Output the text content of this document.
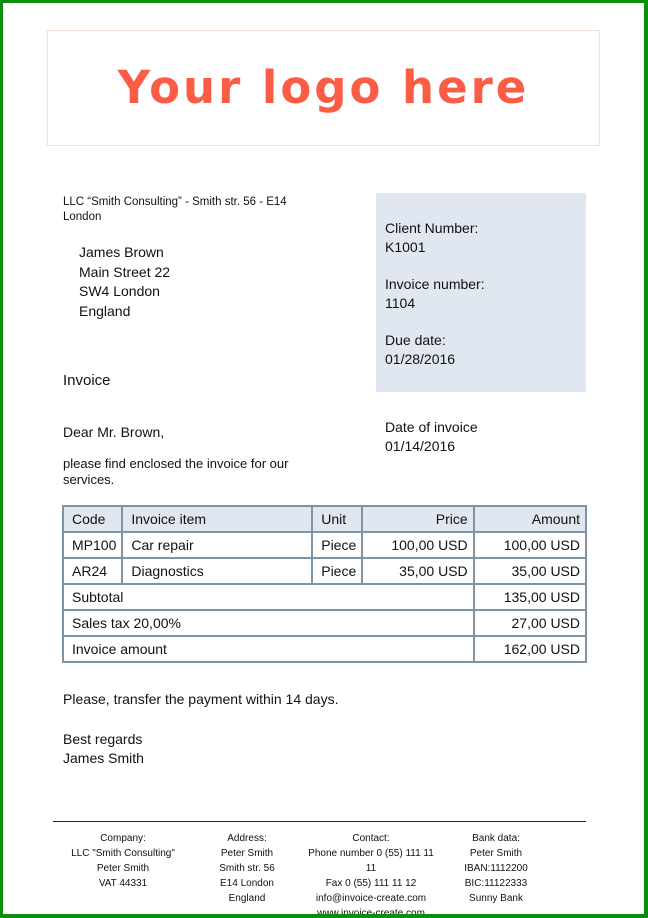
Your logo here
LLC “Smith Consulting” - Smith str. 56 - E14 London
James Brown
Main Street 22
SW4 London
England
Client Number:
K1001
Invoice number:
1104
Due date:
01/28/2016
Invoice
Date of invoice
01/14/2016
Dear Mr. Brown,
please find enclosed the invoice for our services.
Code	Invoice item	Unit	Price	Amount
MP100	Car repair	Piece	100,00 USD	100,00 USD
AR24	Diagnostics	Piece	35,00 USD	35,00 USD
Subtotal				135,00 USD
Sales tax 20,00%				27,00 USD
Invoice amount				162,00 USD
Please, transfer the payment within 14 days.
Best regards
James Smith
Company:
LLC "Smith Consulting"
Peter Smith
VAT 44331
Address:
Peter Smith
Smith str. 56
E14 London
England
Contact:
Phone number 0 (55) 111 11 11
Fax 0 (55) 111 11 12
info@invoice-create.com
www.invoice-create.com
Bank data:
Peter Smith
IBAN:1112200
BIC:11122333
Sunny Bank
